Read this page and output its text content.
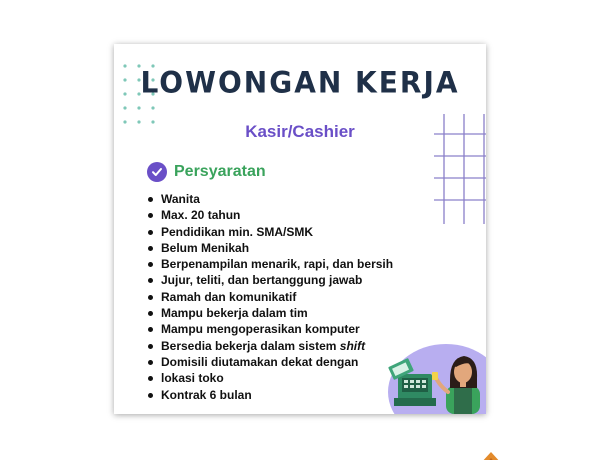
LOWONGAN KERJA
Kasir/Cashier
Persyaratan
Wanita
Max. 20 tahun
Pendidikan min. SMA/SMK
Belum Menikah
Berpenampilan menarik, rapi, dan bersih
Jujur, teliti, dan bertanggung jawab
Ramah dan komunikatif
Mampu bekerja dalam tim
Mampu mengoperasikan komputer
Bersedia bekerja dalam sistem shift
Domisili diutamakan dekat dengan
lokasi toko
Kontrak 6 bulan
